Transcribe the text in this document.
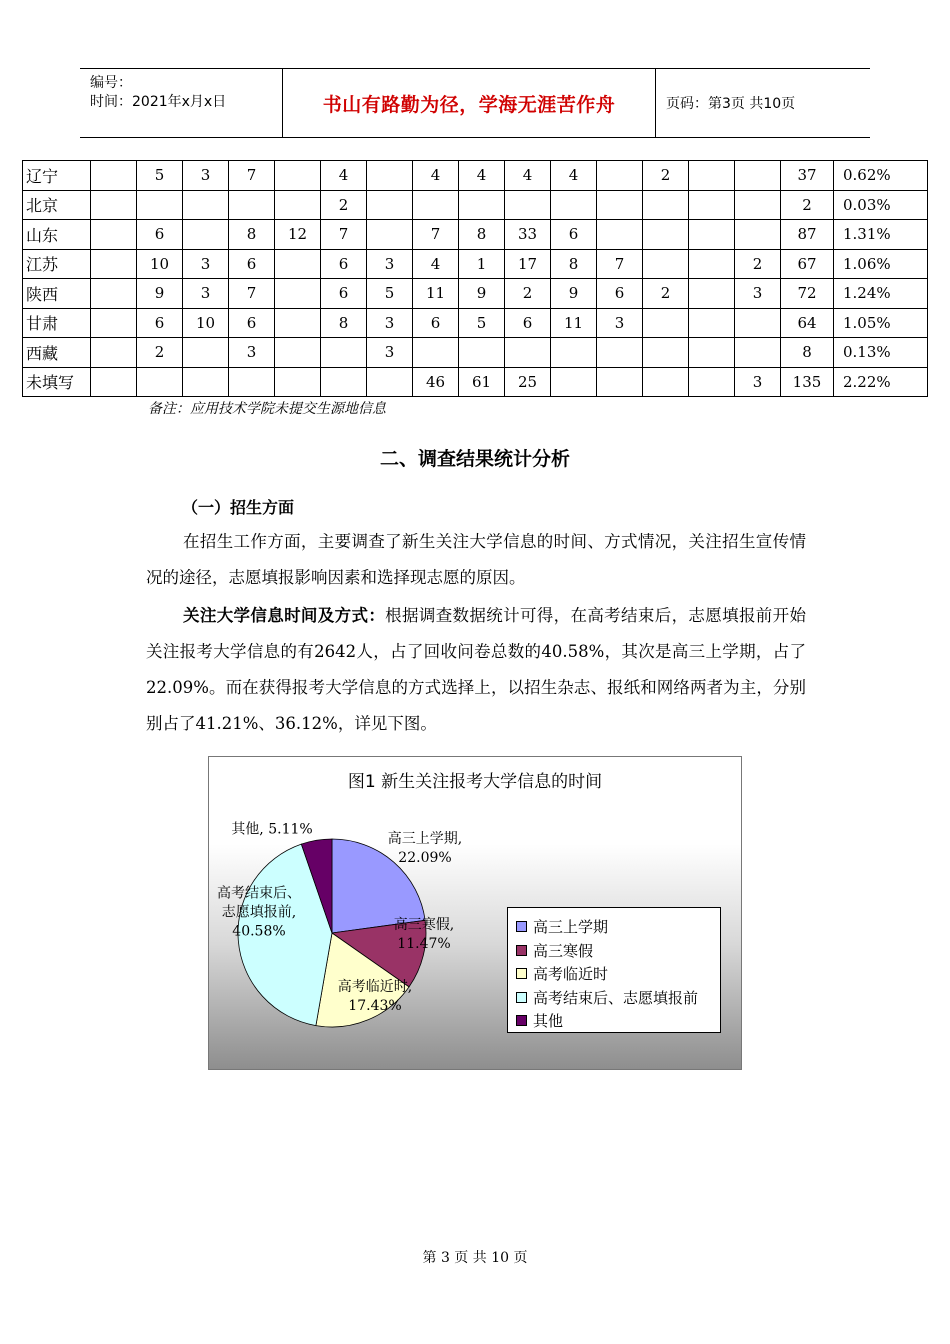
编号：
时间：2021年x月x日	书山有路勤为径，学海无涯苦作舟	页码：第3页 共10页
辽宁		5	3	7		4		4	4	4	4		2			37	0.62%
北京						2										2	0.03%
山东		6		8	12	7		7	8	33	6					87	1.31%
江苏		10	3	6		6	3	4	1	17	8	7			2	67	1.06%
陕西		9	3	7		6	5	11	9	2	9	6	2		3	72	1.24%
甘肃		6	10	6		8	3	6	5	6	11	3				64	1.05%
西藏		2		3			3									8	0.13%
未填写								46	61	25					3	135	2.22%
备注：应用技术学院未提交生源地信息
二、调查结果统计分析
（一）招生方面

在招生工作方面，主要调查了新生关注大学信息的时间、方式情况，关注招生宣传情况的途径，志愿填报影响因素和选择现志愿的原因。

关注大学信息时间及方式：根据调查数据统计可得，在高考结束后，志愿填报前开始关注报考大学信息的有2642人，占了回收问卷总数的40.58%，其次是高三上学期，占了22.09%。而在获得报考大学信息的方式选择上，以招生杂志、报纸和网络两者为主，分别别占了41.21%、36.12%，详见下图。

图1 新生关注报考大学信息的时间
高三上学期,
22.09%
高三寒假,
11.47%
高考临近时,
17.43%
高考结束后、
志愿填报前,
40.58%
其他, 5.11%
高三上学期
高三寒假
高考临近时
高考结束后、志愿填报前
其他
第 3 页 共 10 页
